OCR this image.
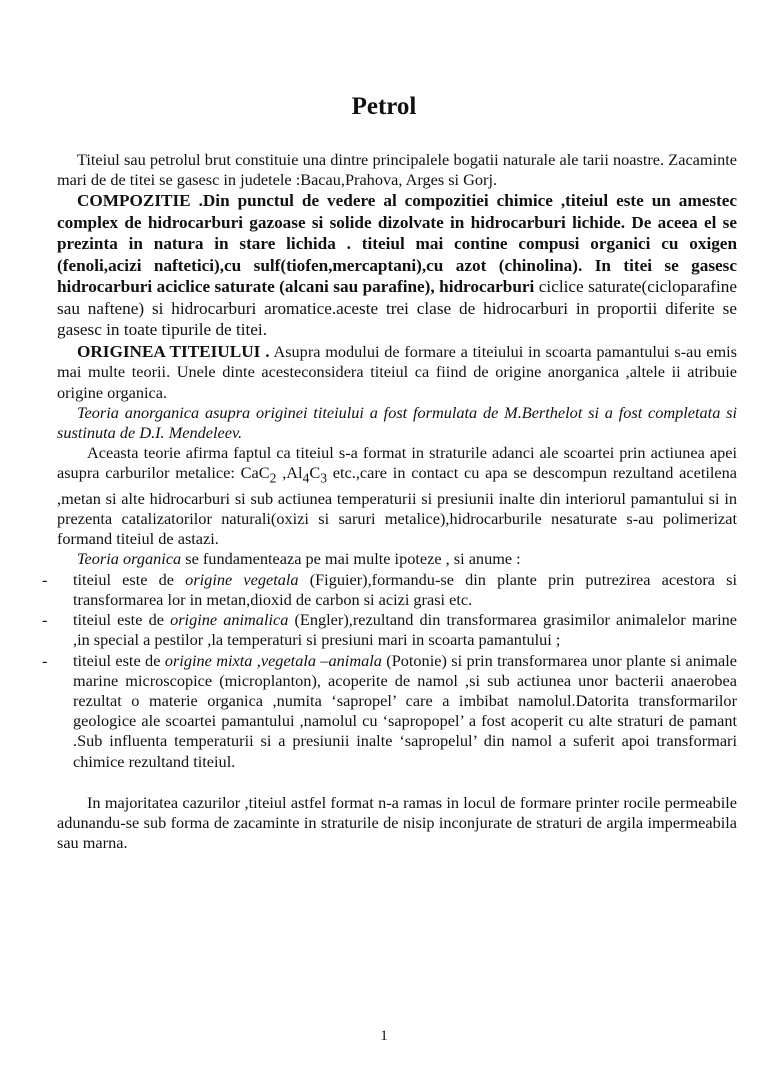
Petrol

Titeiul sau petrolul brut constituie una dintre principalele bogatii naturale ale tarii noastre. Zacaminte mari de de titei se gasesc in judetele :Bacau,Prahova, Arges si Gorj.

COMPOZITIE .Din punctul de vedere al compozitiei chimice ,titeiul este un amestec complex de hidrocarburi gazoase si solide dizolvate in hidrocarburi lichide. De aceea el se prezinta in natura in stare lichida . titeiul mai contine compusi organici cu oxigen (fenoli,acizi naftetici),cu sulf(tiofen,mercaptani),cu azot (chinolina). In titei se gasesc hidrocarburi aciclice saturate (alcani sau parafine), hidrocarburi ciclice saturate(cicloparafine sau naftene) si hidrocarburi aromatice.aceste trei clase de hidrocarburi in proportii diferite se gasesc in toate tipurile de titei.

ORIGINEA TITEIULUI . Asupra modului de formare a titeiului in scoarta pamantului s-au emis mai multe teorii. Unele dinte acesteconsidera titeiul ca fiind de origine anorganica ,altele ii atribuie origine organica.

Teoria anorganica asupra originei titeiului a fost formulata de M.Berthelot si a fost completata si sustinuta de D.I. Mendeleev.

Aceasta teorie afirma faptul ca titeiul s-a format in straturile adanci ale scoartei prin actiunea apei asupra carburilor metalice: CaC$_2$ $,Al_4C_3$ etc.,care in contact cu apa se descompun rezultand acetilena ,metan si alte hidrocarburi si sub actiunea temperaturii si presiunii inalte din interiorul pamantului si in prezenta catalizatorilor naturali(oxizi si saruri metalice),hidrocarburile nesaturate s-au polimerizat formand titeiul de astazi.

Teoria organica se fundamenteaza pe mai multe ipoteze , si anume :

- titeiul este de origine vegetala (Figuier),formandu-se din plante prin putrezirea acestora si transformarea lor in metan,dioxid de carbon si acizi grasi etc.
- titeiul este de origine animalica (Engler),rezultand din transformarea grasimilor animalelor marine ,in special a pestilor ,la temperaturi si presiuni mari in scoarta pamantului ;
- titeiul este de origine mixta ,vegetala –animala (Potonie) si prin transformarea unor plante si animale marine microscopice (microplanton), acoperite de namol ,si sub actiunea unor bacterii anaerobea rezultat o materie organica ,numita ‘sapropel’ care a imbibat namolul.Datorita transformarilor geologice ale scoartei pamantului ,namolul cu ‘sapropopel’ a fost acoperit cu alte straturi de pamant .Sub influenta temperaturii si a presiunii inalte ‘sapropelul’ din namol a suferit apoi transformari chimice rezultand titeiul.

In majoritatea cazurilor ,titeiul astfel format n-a ramas in locul de formare printer rocile permeabile adunandu-se sub forma de zacaminte in straturile de nisip inconjurate de straturi de argila impermeabila sau marna.

1
